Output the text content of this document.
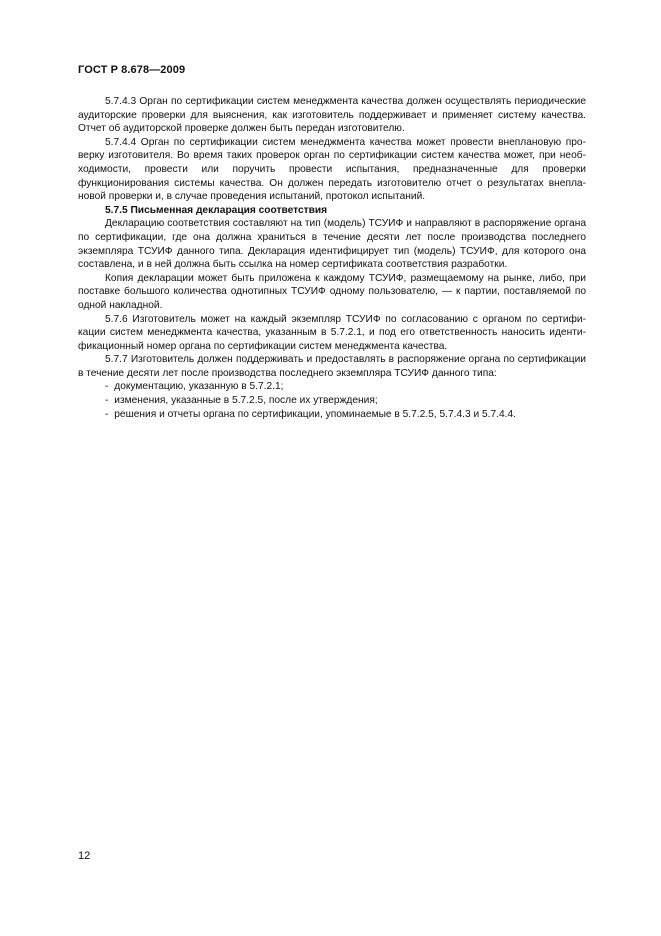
ГОСТ Р 8.678—2009

5.7.4.3 Орган по сертификации систем менеджмента качества должен осуществлять периодические аудиторские проверки для выяснения, как изготовитель поддерживает и применяет систему качества. Отчет об аудиторской проверке должен быть передан изготовителю.

5.7.4.4 Орган по сертификации систем менеджмента качества может провести внеплановую проверку изготовителя. Во время таких проверок орган по сертификации систем качества может, при необходимости, провести или поручить провести испытания, предназначенные для проверки функционирования системы качества. Он должен передать изготовителю отчет о результатах внеплановой проверки и, в случае проведения испытаний, протокол испытаний.

5.7.5 Письменная декларация соответствия

Декларацию соответствия составляют на тип (модель) ТСУИФ и направляют в распоряжение органа по сертификации, где она должна храниться в течение десяти лет после производства последнего экземпляра ТСУИФ данного типа. Декларация идентифицирует тип (модель) ТСУИФ, для которого она составлена, и в ней должна быть ссылка на номер сертификата соответствия разработки.

Копия декларации может быть приложена к каждому ТСУИФ, размещаемому на рынке, либо, при поставке большого количества однотипных ТСУИФ одному пользователю, — к партии, поставляемой по одной накладной.

5.7.6 Изготовитель может на каждый экземпляр ТСУИФ по согласованию с органом по сертификации систем менеджмента качества, указанным в 5.7.2.1, и под его ответственность наносить идентификационный номер органа по сертификации систем менеджмента качества.

5.7.7 Изготовитель должен поддерживать и предоставлять в распоряжение органа по сертификации в течение десяти лет после производства последнего экземпляра ТСУИФ данного типа:

- документацию, указанную в 5.7.2.1;
- изменения, указанные в 5.7.2.5, после их утверждения;
- решения и отчеты органа по сертификации, упоминаемые в 5.7.2.5, 5.7.4.3 и 5.7.4.4.
12
